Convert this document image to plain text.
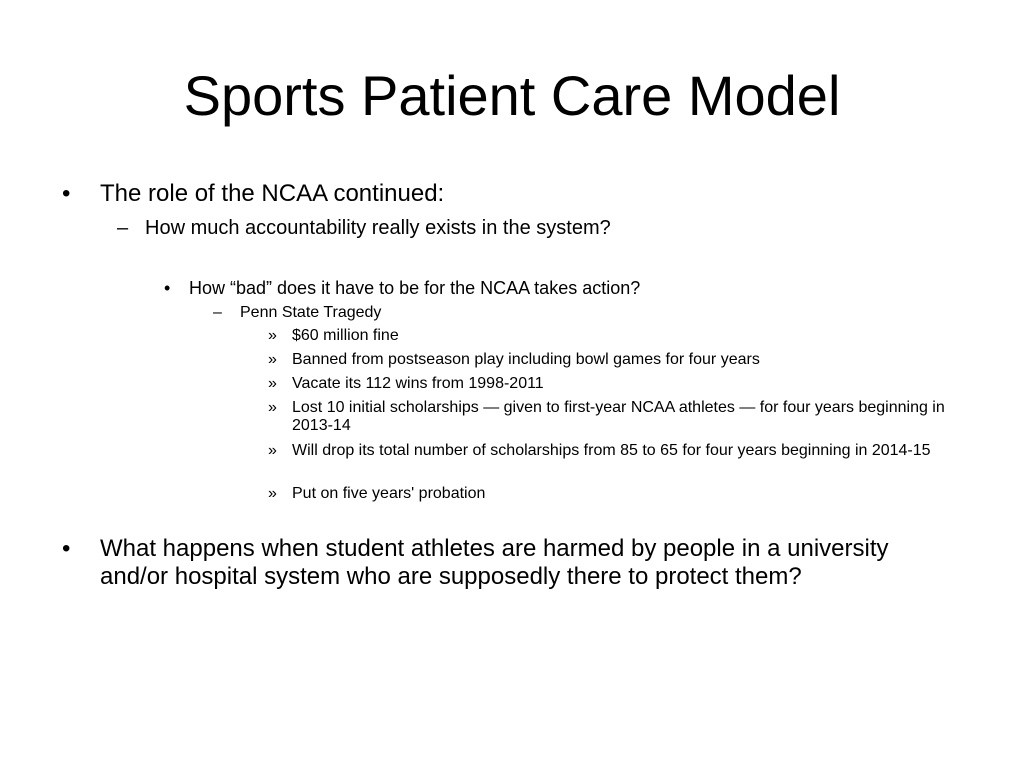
Sports Patient Care Model
•	The role of the NCAA continued:
– How much accountability really exists in the system?
•	How “bad” does it have to be for the NCAA takes action?
–	Penn State Tragedy
» $60 million fine
» Banned from postseason play including bowl games for four years
» Vacate its 112 wins from 1998-2011
» Lost 10 initial scholarships — given to first-year NCAA athletes — for four years beginning in 2013-14
» Will drop its total number of scholarships from 85 to 65 for four years beginning in 2014-15
» Put on five years' probation
•	What happens when student athletes are harmed by people in a university and/or hospital system who are supposedly there to protect them?
